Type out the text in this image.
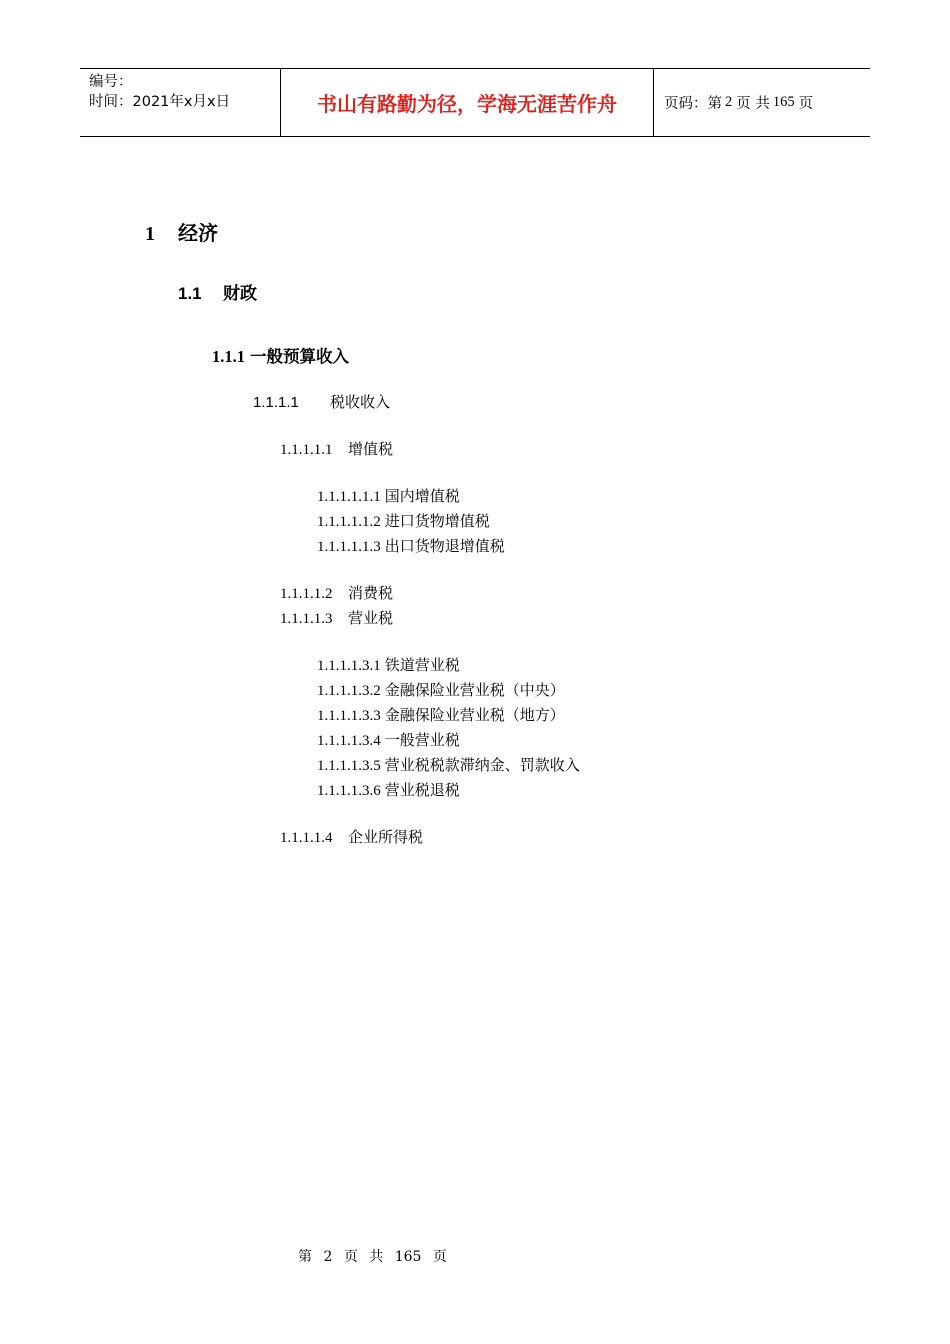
编号：
时间：2021年x月x日	书山有路勤为径，学海无涯苦作舟	页码：第 2 页 共 165 页
1 经济
1.1 财政
1.1.1 一般预算收入
1.1.1.1 税收收入
1.1.1.1.1 增值税
1.1.1.1.1.1 国内增值税
1.1.1.1.1.2 进口货物增值税
1.1.1.1.1.3 出口货物退增值税
1.1.1.1.2 消费税
1.1.1.1.3 营业税
1.1.1.1.3.1 铁道营业税
1.1.1.1.3.2 金融保险业营业税（中央）
1.1.1.1.3.3 金融保险业营业税（地方）
1.1.1.1.3.4 一般营业税
1.1.1.1.3.5 营业税税款滞纳金、罚款收入
1.1.1.1.3.6 营业税退税
1.1.1.1.4 企业所得税
第 2 页 共 165 页
